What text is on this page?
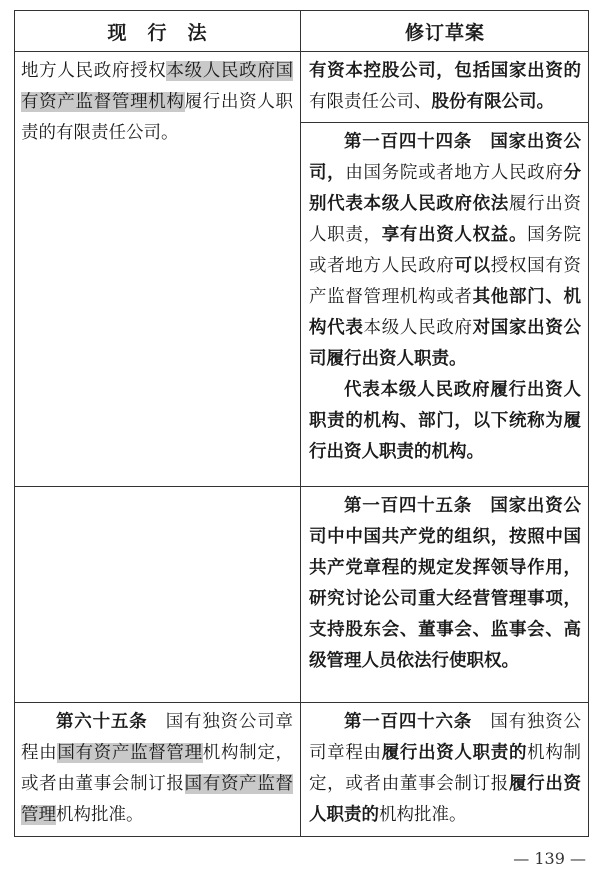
现　行　法	修订草案
地方人民政府授权本级人民政府国有资产监督管理机构履行出资人职责的有限责任公司。
有资本控股公司，包括国家出资的有限责任公司、股份有限公司。

第一百四十四条　国家出资公司，由国务院或者地方人民政府分别代表本级人民政府依法履行出资人职责，享有出资人权益。国务院或者地方人民政府可以授权国有资产监督管理机构或者其他部门、机构代表本级人民政府对国家出资公司履行出资人职责。

代表本级人民政府履行出资人职责的机构、部门，以下统称为履行出资人职责的机构。

第一百四十五条　国家出资公司中中国共产党的组织，按照中国共产党章程的规定发挥领导作用，研究讨论公司重大经营管理事项，支持股东会、董事会、监事会、高级管理人员依法行使职权。

第六十五条　国有独资公司章程由国有资产监督管理机构制定，或者由董事会制订报国有资产监督管理机构批准。

第一百四十六条　国有独资公司章程由履行出资人职责的机构制定，或者由董事会制订报履行出资人职责的机构批准。

— 139 —
